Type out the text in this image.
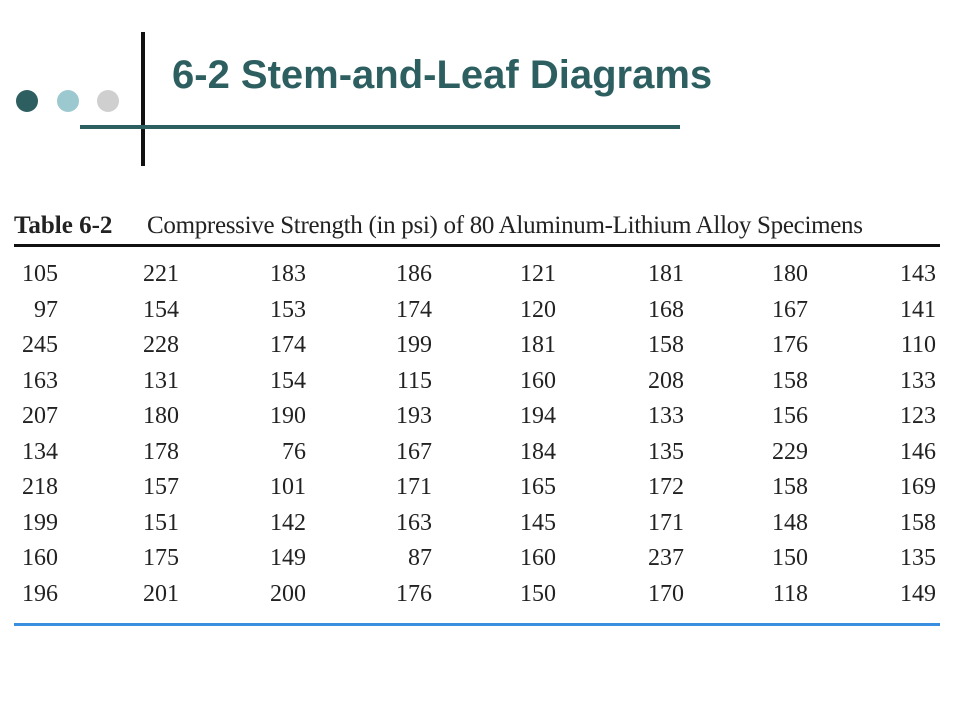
6-2 Stem-and-Leaf Diagrams
Table 6-2 Compressive Strength (in psi) of 80 Aluminum-Lithium Alloy Specimens
105	221	183	186	121	181	180	143
97	154	153	174	120	168	167	141
245	228	174	199	181	158	176	110
163	131	154	115	160	208	158	133
207	180	190	193	194	133	156	123
134	178	76	167	184	135	229	146
218	157	101	171	165	172	158	169
199	151	142	163	145	171	148	158
160	175	149	87	160	237	150	135
196	201	200	176	150	170	118	149
